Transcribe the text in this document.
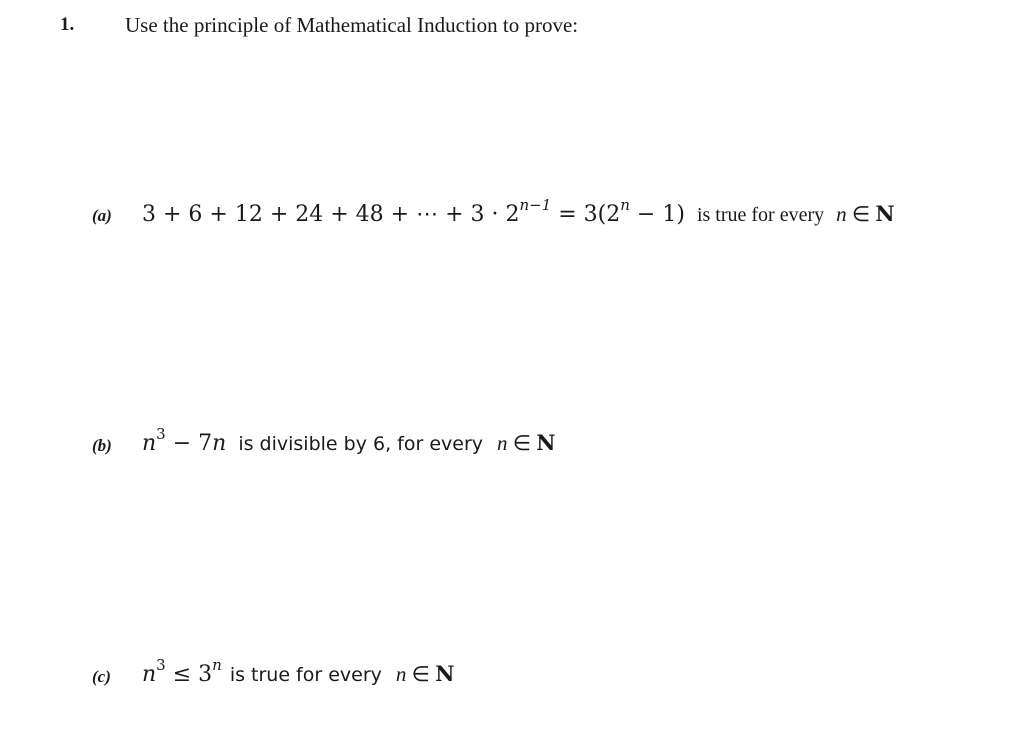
1. Use the principle of Mathematical Induction to prove:
(a) 3 + 6 + 12 + 24 + 48 + ⋯ + $3 \cdot 2^{n-1} = 3(2^n - 1)$ is true for every n ∈ N
(b) $n^3 - 7n$ is divisible by 6, for every n ∈ N
(c) $n^3 \le 3^n$ is true for every n ∈ N
